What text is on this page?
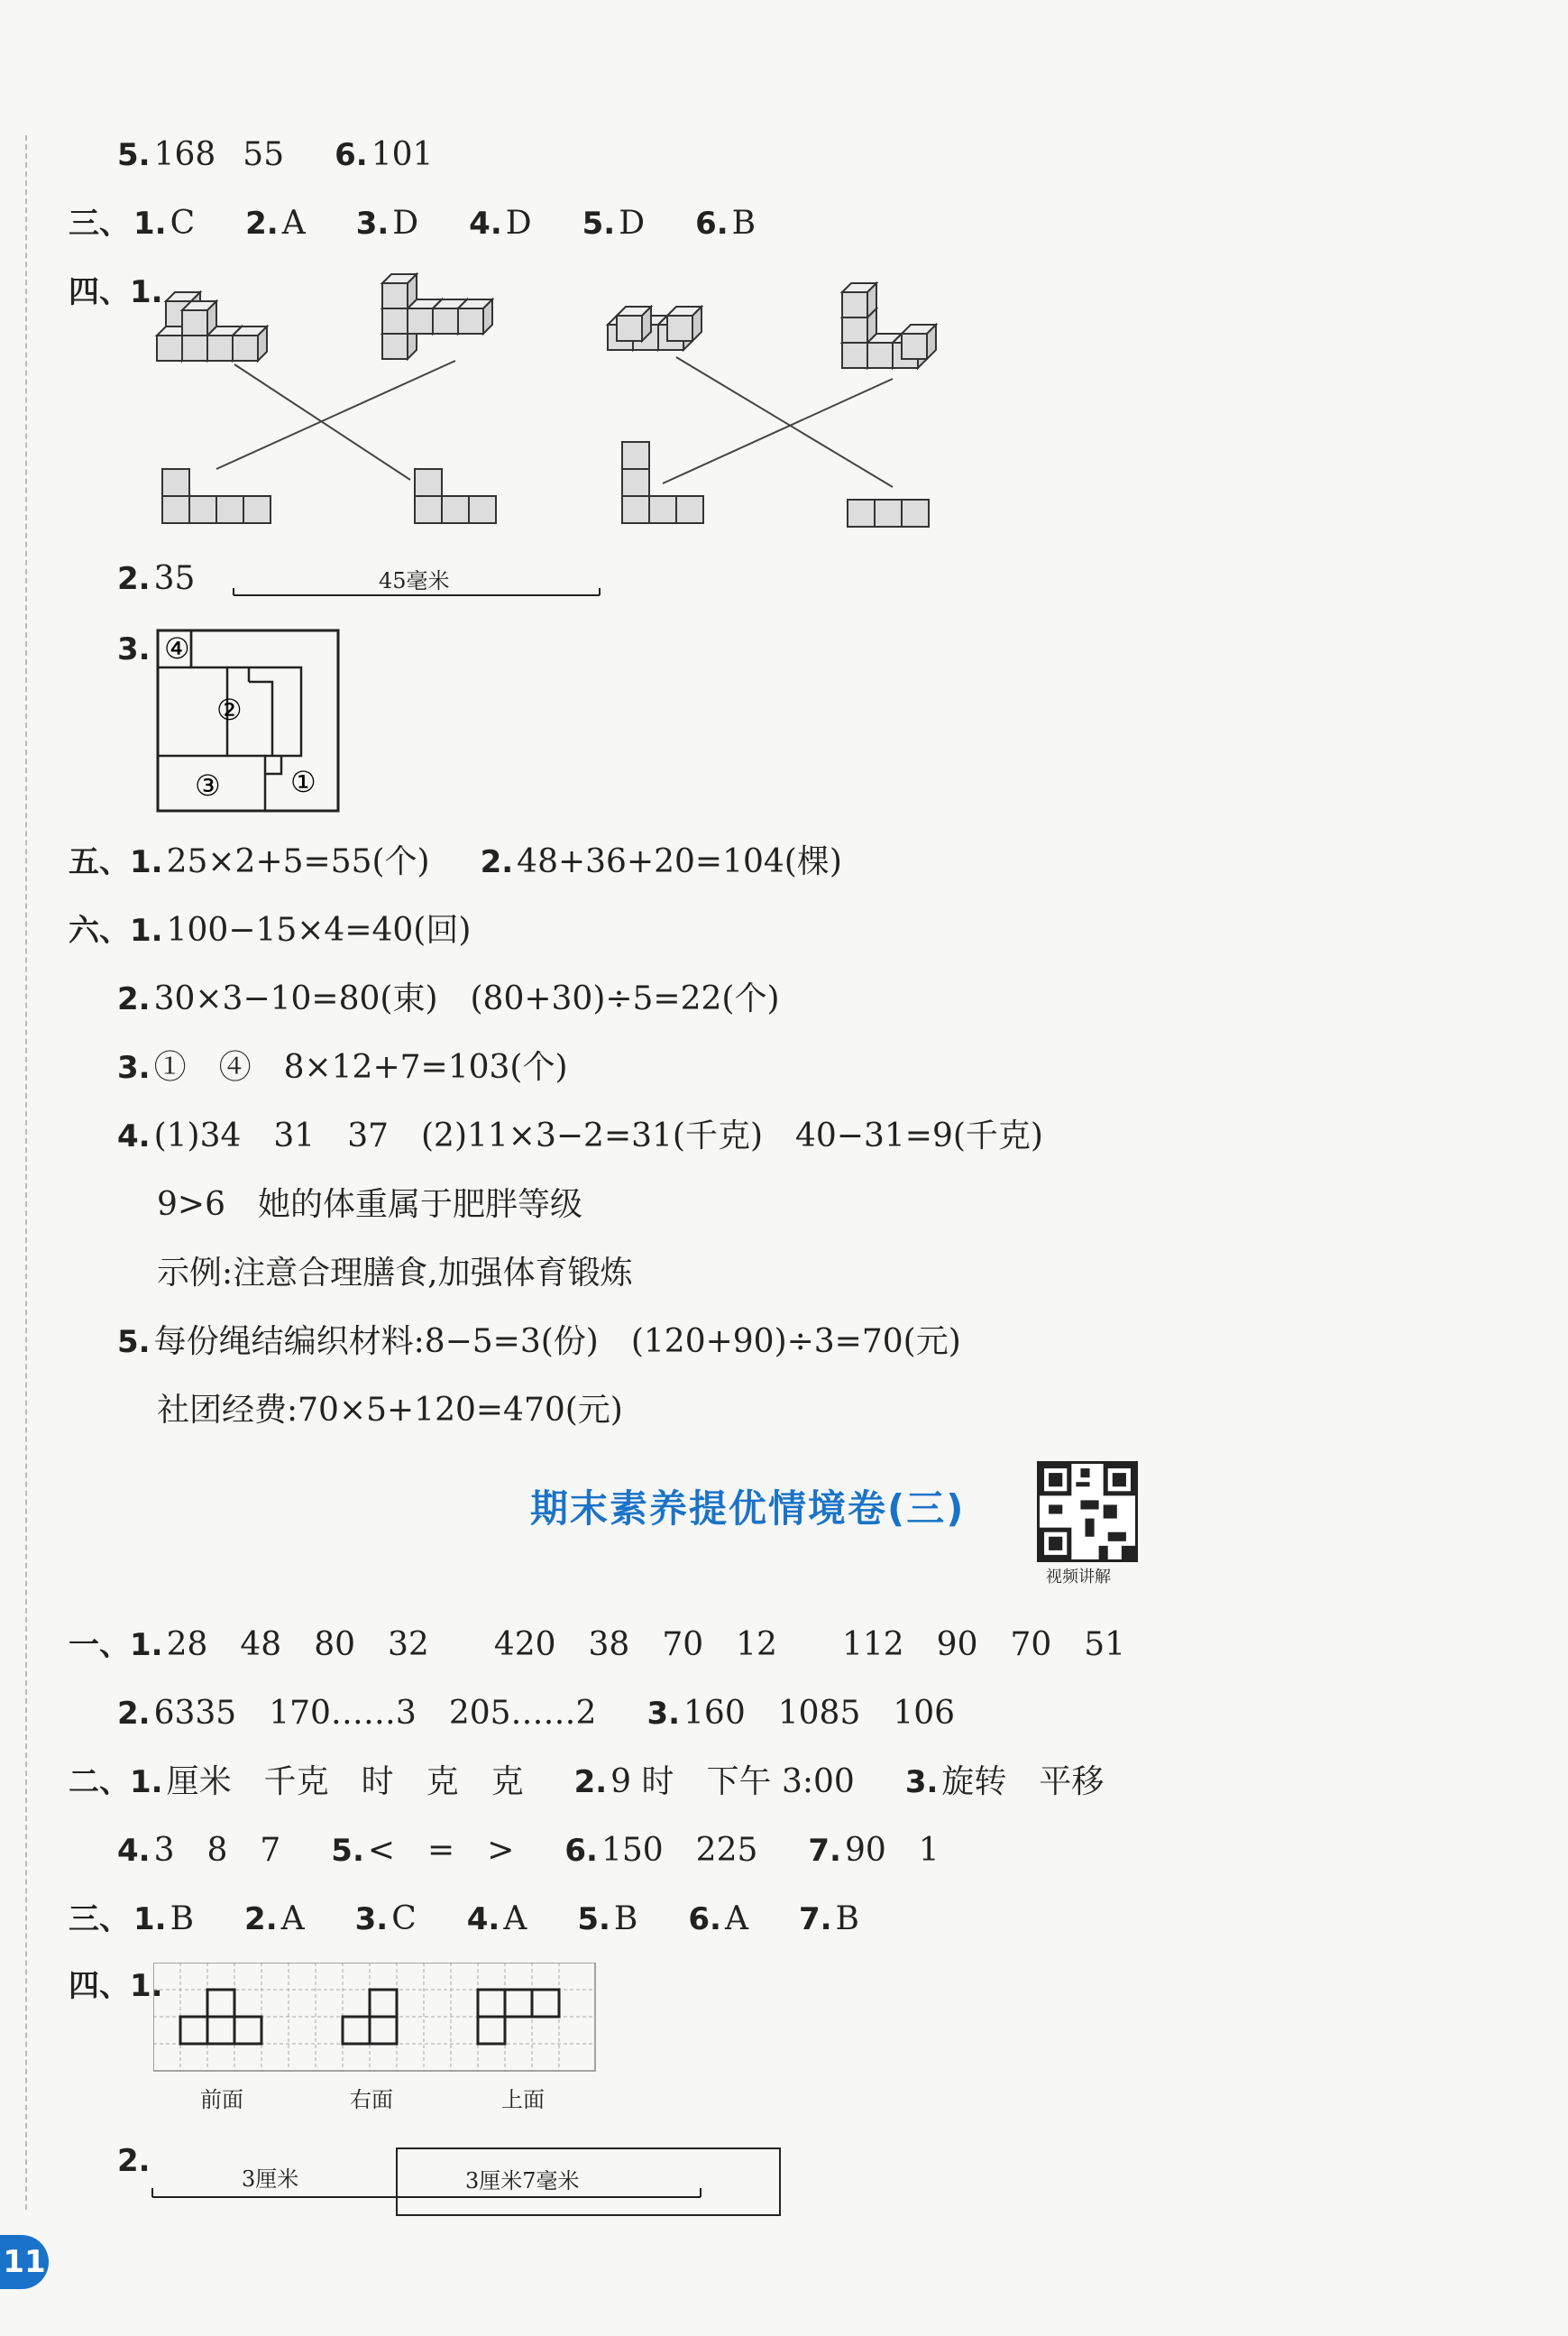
5. 168 55 6. 101
三、 1. C 2. A 3. D 4. D 5. D 6. B
四、1.
2. 35	45毫米
3. ④
②
③ ①
五、1. 25×2+5=55(个) 2. 48+36+20=104(棵)
六、1. 100−15×4=40(回)
2. 30×3−10=80(束)　(80+30)÷5=22(个)
3. ①　④　8×12+7=103(个)
4. (1)34　31　37　(2)11×3−2=31(千克)　40−31=9(千克)
9>6　她的体重属于肥胖等级
示例:注意合理膳食,加强体育锻炼
5. 每份绳结编织材料:8−5=3(份)　(120+90)÷3=70(元)
社团经费:70×5+120=470(元)
期末素养提优情境卷(三)
视频讲解
一、1. 28　48　80　32　　420　38　70　12　　112　90　70　51
2. 6335　170……3　205……2 3. 160　1085　106
二、1. 厘米　千克　时　克　克 2. 9 时　下午 3:00 3. 旋转　平移
4. 3　8　7 5. <　=　> 6. 150　225 7. 90　1
三、 1. B 2. A 3. C 4. A 5. B 6. A 7. B
四、1.
前面	右面	上面
2.	3厘米	3厘米7毫米
11
